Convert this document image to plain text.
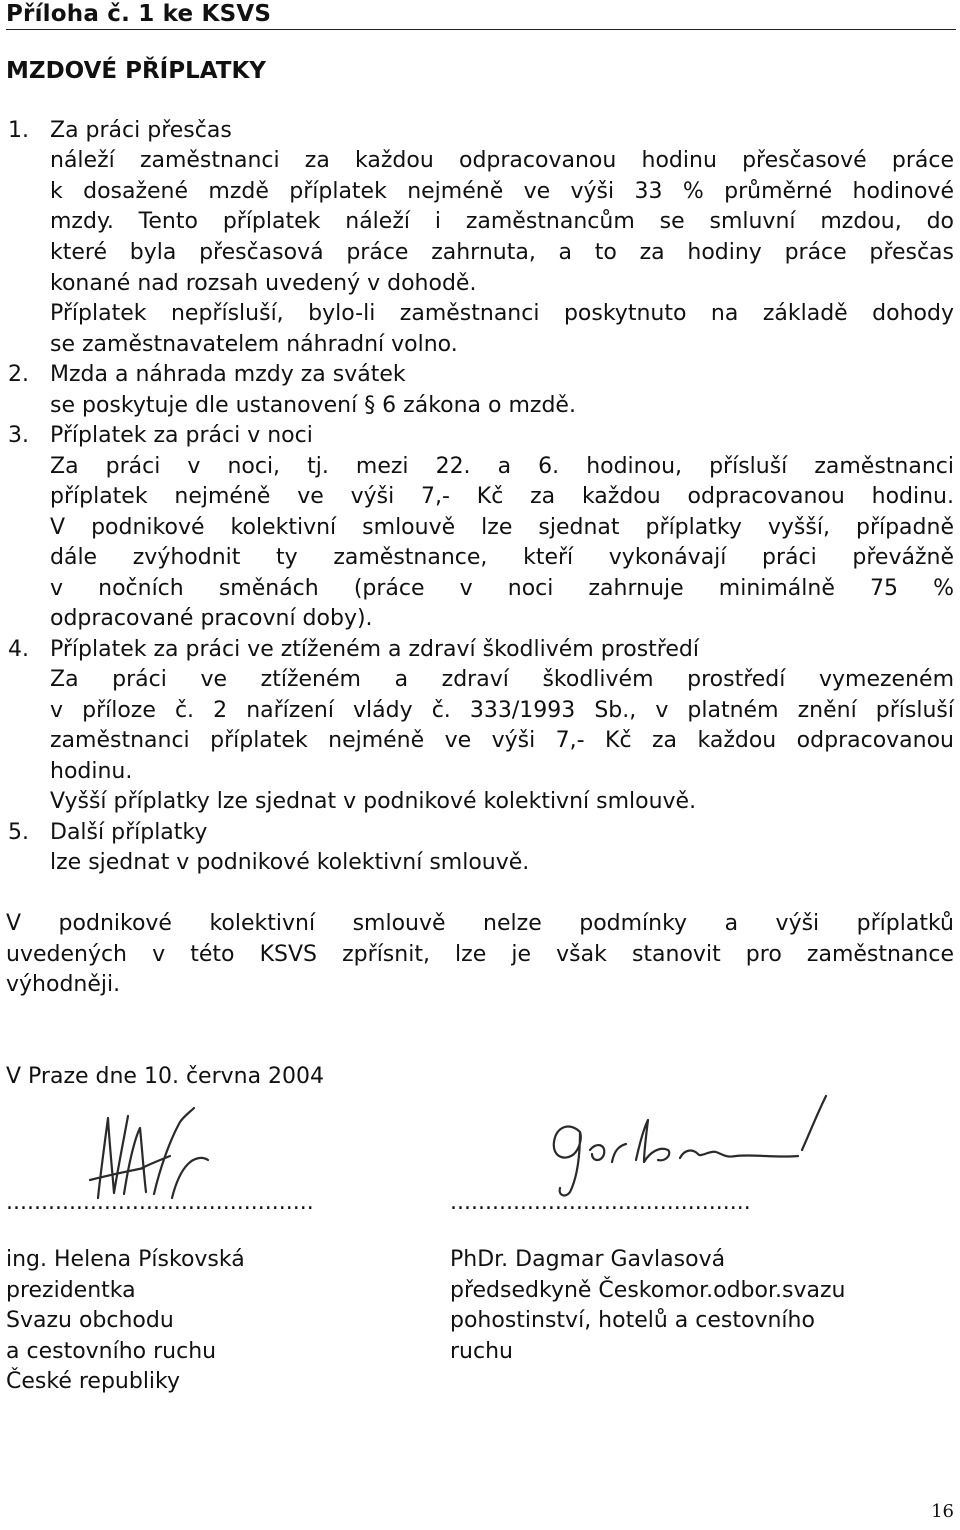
Příloha č. 1 ke KSVS
MZDOVÉ PŘÍPLATKY
1. Za práci přesčas
náleží zaměstnanci za každou odpracovanou hodinu přesčasové práce
k dosažené mzdě příplatek nejméně ve výši 33 % průměrné hodinové
mzdy. Tento příplatek náleží i zaměstnancům se smluvní mzdou, do
které byla přesčasová práce zahrnuta, a to za hodiny práce přesčas
konané nad rozsah uvedený v dohodě.
Příplatek nepřísluší, bylo-li zaměstnanci poskytnuto na základě dohody
se zaměstnavatelem náhradní volno.
2. Mzda a náhrada mzdy za svátek
se poskytuje dle ustanovení § 6 zákona o mzdě.
3. Příplatek za práci v noci
Za práci v noci, tj. mezi 22. a 6. hodinou, přísluší zaměstnanci
příplatek nejméně ve výši 7,- Kč za každou odpracovanou hodinu.
V podnikové kolektivní smlouvě lze sjednat příplatky vyšší, případně
dále zvýhodnit ty zaměstnance, kteří vykonávají práci převážně
v nočních směnách (práce v noci zahrnuje minimálně 75 %
odpracované pracovní doby).
4. Příplatek za práci ve ztíženém a zdraví škodlivém prostředí
Za práci ve ztíženém a zdraví škodlivém prostředí vymezeném
v příloze č. 2 nařízení vlády č. 333/1993 Sb., v platném znění přísluší
zaměstnanci příplatek nejméně ve výši 7,- Kč za každou odpracovanou
hodinu.
Vyšší příplatky lze sjednat v podnikové kolektivní smlouvě.
5. Další příplatky
lze sjednat v podnikové kolektivní smlouvě.
V podnikové kolektivní smlouvě nelze podmínky a výši příplatků
uvedených v této KSVS zpřísnit, lze je však stanovit pro zaměstnance
výhodněji.
V Praze dne 10. června 2004
............................................	...........................................
ing. Helena Pískovská
prezidentka
Svazu obchodu
a cestovního ruchu
České republiky
PhDr. Dagmar Gavlasová
předsedkyně Českomor.odbor.svazu
pohostinství, hotelů a cestovního
ruchu
16
